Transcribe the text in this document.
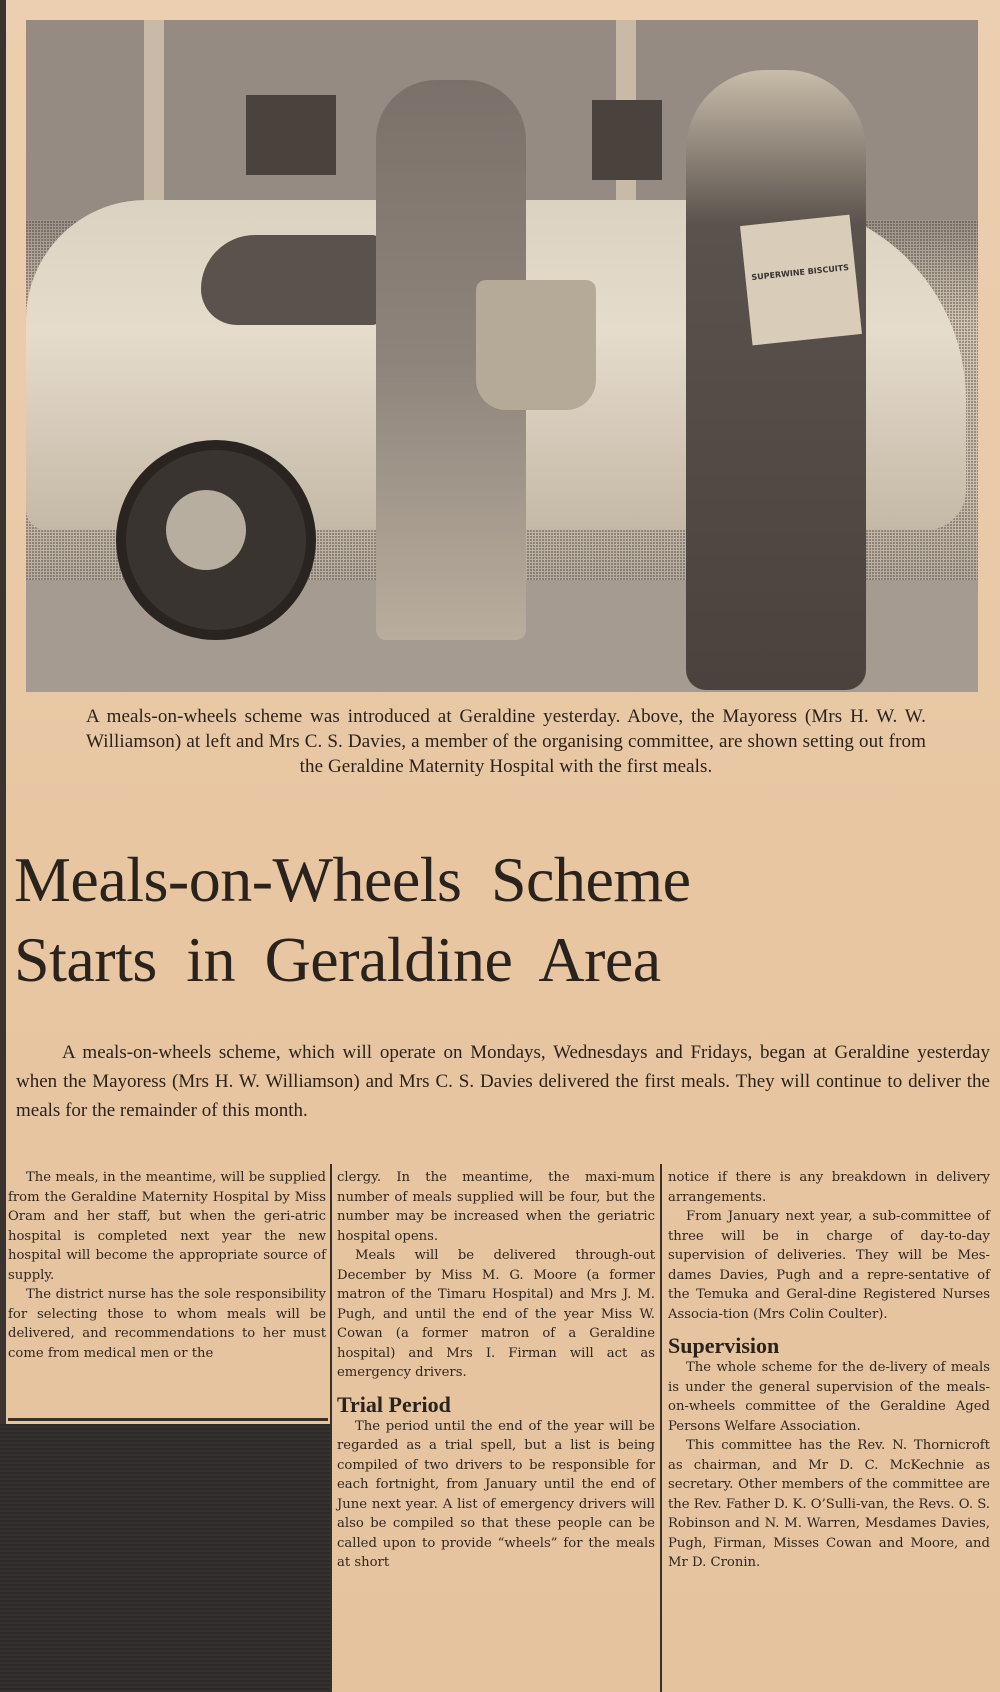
SUPERWINE BISCUITS
A meals-on-wheels scheme was introduced at Geraldine yesterday. Above, the Mayoress (Mrs H. W. W. Williamson) at left and Mrs C. S. Davies, a member of the organising committee, are shown setting out from the Geraldine Maternity Hospital with the first meals.
Meals-on-Wheels Scheme
Starts in Geraldine Area
A meals-on-wheels scheme, which will operate on Mondays, Wednesdays and Fridays, began at Geraldine yesterday when the Mayoress (Mrs H. W. Williamson) and Mrs C. S. Davies delivered the first meals. They will continue to deliver the meals for the remainder of this month.

The meals, in the meantime, will be supplied from the Geraldine Maternity Hospital by Miss Oram and her staff, but when the geri-atric hospital is completed next year the new hospital will become the appropriate source of supply.

The district nurse has the sole responsibility for selecting those to whom meals will be delivered, and recommendations to her must come from medical men or the

clergy. In the meantime, the maxi-mum number of meals supplied will be four, but the number may be increased when the geriatric hospital opens.

Meals will be delivered through-out December by Miss M. G. Moore (a former matron of the Timaru Hospital) and Mrs J. M. Pugh, and until the end of the year Miss W. Cowan (a former matron of a Geraldine hospital) and Mrs I. Firman will act as emergency drivers.

Trial Period

The period until the end of the year will be regarded as a trial spell, but a list is being compiled of two drivers to be responsible for each fortnight, from January until the end of June next year. A list of emergency drivers will also be compiled so that these people can be called upon to provide “wheels” for the meals at short

notice if there is any breakdown in delivery arrangements.

From January next year, a sub-committee of three will be in charge of day-to-day supervision of deliveries. They will be Mes-dames Davies, Pugh and a repre-sentative of the Temuka and Geral-dine Registered Nurses Associa-tion (Mrs Colin Coulter).

Supervision

The whole scheme for the de-livery of meals is under the general supervision of the meals-on-wheels committee of the Geraldine Aged Persons Welfare Association.

This committee has the Rev. N. Thornicroft as chairman, and Mr D. C. McKechnie as secretary. Other members of the committee are the Rev. Father D. K. O’Sulli-van, the Revs. O. S. Robinson and N. M. Warren, Mesdames Davies, Pugh, Firman, Misses Cowan and Moore, and Mr D. Cronin.
